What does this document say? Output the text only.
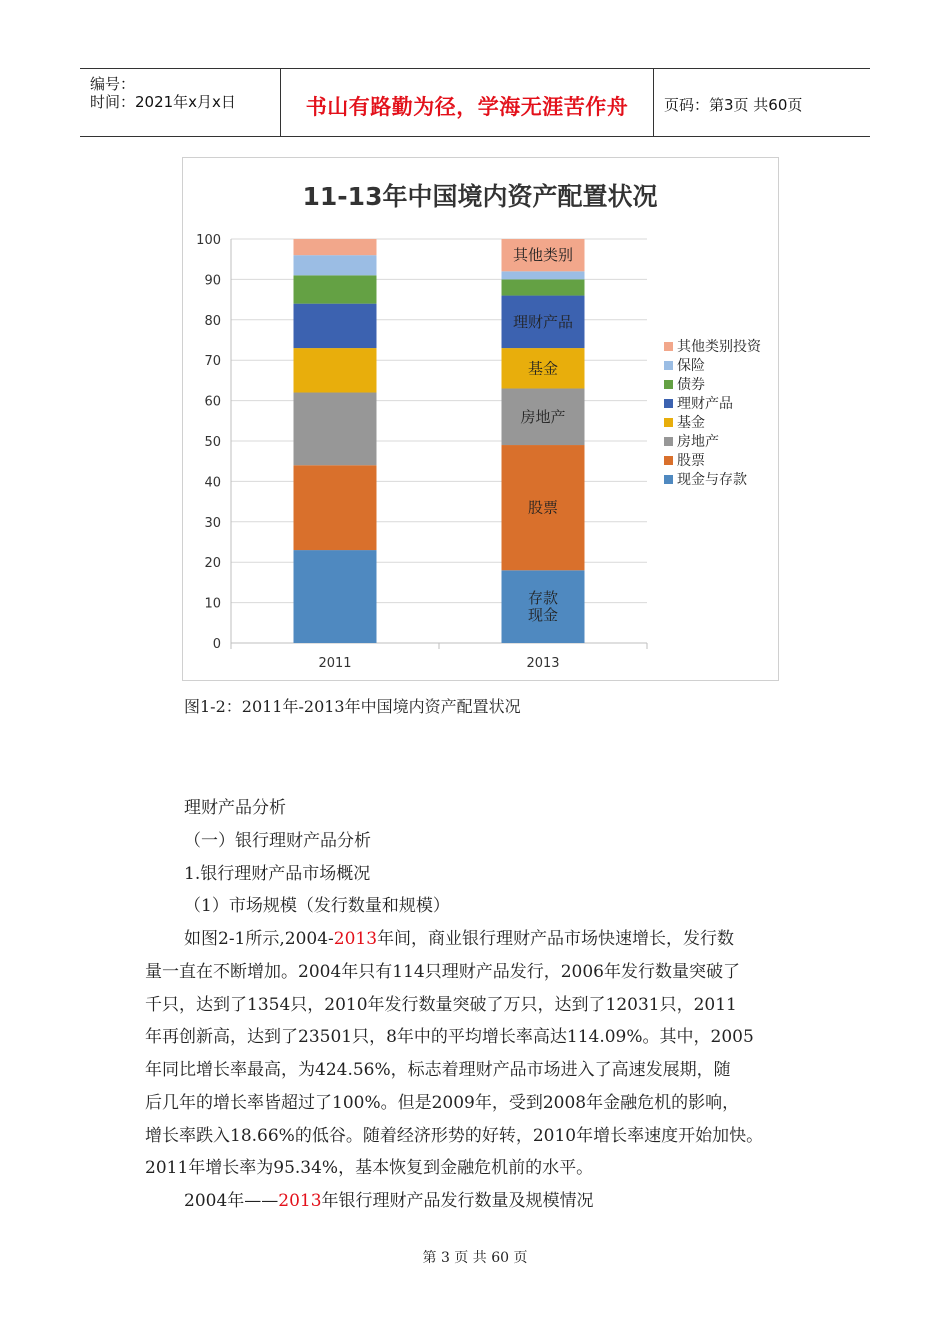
编号：
时间：2021年x月x日	书山有路勤为径，学海无涯苦作舟	页码：第3页 共60页
11-13年中国境内资产配置状况
0
10
20
30
40
50
60
70
80
90
100
2011	2013
存款
现金
股票
房地产
基金
理财产品
其他类别
其他类别投资
保险
债券
理财产品
基金
房地产
股票
现金与存款
图1-2：2011年-2013年中国境内资产配置状况
理财产品分析
（一）银行理财产品分析
1.银行理财产品市场概况
（1）市场规模（发行数量和规模）
如图2-1所示,2004-2013年间，商业银行理财产品市场快速增长，发行数
量一直在不断增加。2004年只有114只理财产品发行，2006年发行数量突破了
千只，达到了1354只，2010年发行数量突破了万只，达到了12031只，2011
年再创新高，达到了23501只，8年中的平均增长率高达114.09%。其中，2005
年同比增长率最高，为424.56%，标志着理财产品市场进入了高速发展期，随
后几年的增长率皆超过了100%。但是2009年，受到2008年金融危机的影响，
增长率跌入18.66%的低谷。随着经济形势的好转，2010年增长率速度开始加快。
2011年增长率为95.34%，基本恢复到金融危机前的水平。
2004年——2013年银行理财产品发行数量及规模情况
第 3 页 共 60 页
